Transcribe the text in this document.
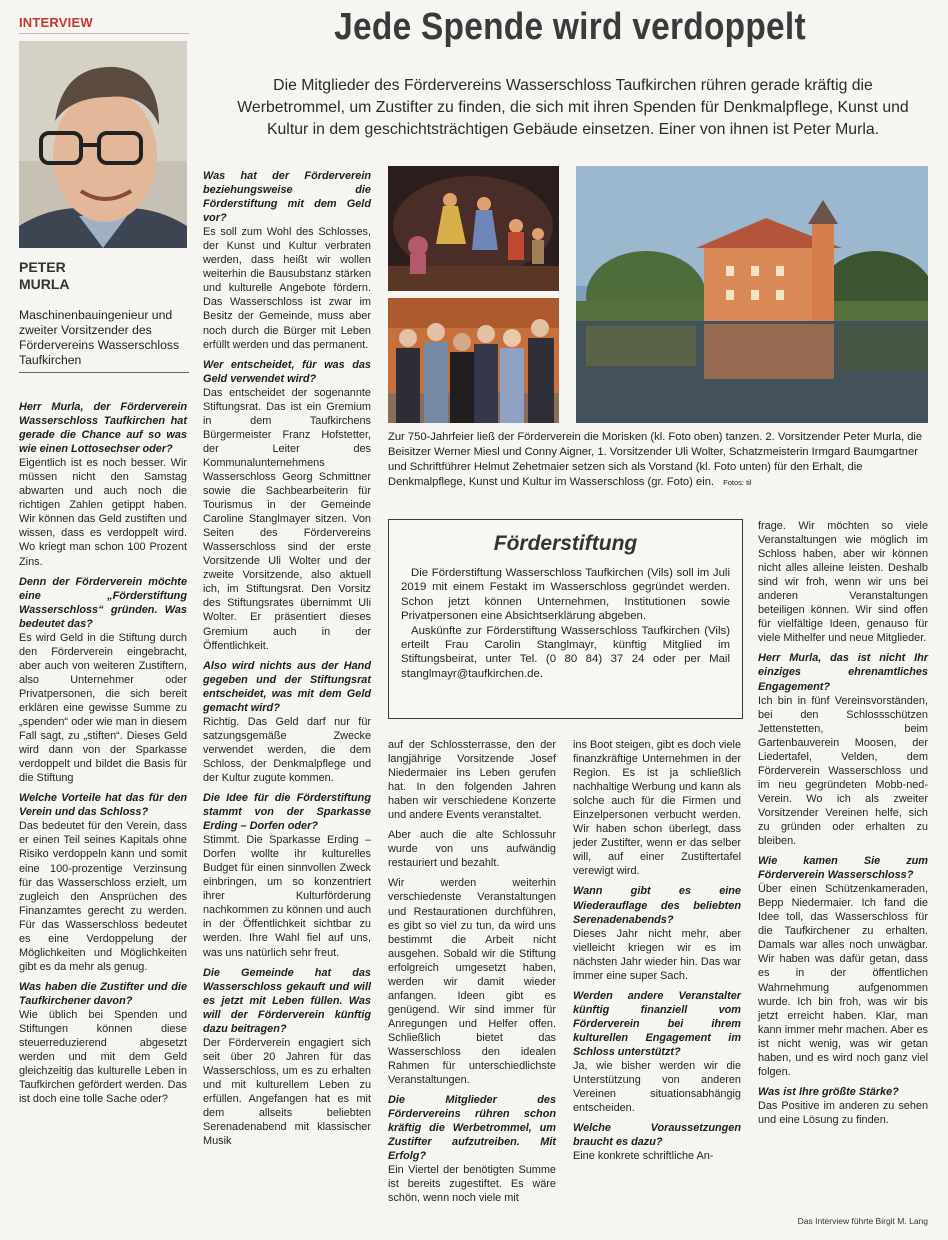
INTERVIEW	Jede Spende wird verdoppelt
Die Mitglieder des Fördervereins Wasserschloss Taufkirchen rühren gerade kräftig die Werbetrommel, um Zustifter zu finden, die sich mit ihren Spenden für Denkmalpflege, Kunst und Kultur in dem geschichtsträchtigen Gebäude einsetzen. Einer von ihnen ist Peter Murla.
PETER
MURLA
Maschinenbauingenieur und zweiter Vorsitzender des Fördervereins Wasserschloss Taufkirchen
Zur 750-Jahrfeier ließ der Förderverein die Morisken (kl. Foto oben) tanzen. 2. Vorsitzender Peter Murla, die Beisitzer Werner Miesl und Conny Aigner, 1. Vorsitzender Uli Wolter, Schatzmeisterin Irmgard Baumgartner und Schriftführer Helmut Zehetmaier setzen sich als Vorstand (kl. Foto unten) für den Erhalt, die Denkmalpflege, Kunst und Kultur im Wasserschloss (gr. Foto) ein. Fotos: til
Förderstiftung

Die Förderstiftung Wasserschloss Taufkirchen (Vils) soll im Juli 2019 mit einem Festakt im Wasserschloss gegründet werden. Schon jetzt können Unternehmen, Institutionen sowie Privatpersonen eine Absichtserklärung abgeben.

Auskünfte zur Förderstiftung Wasserschloss Taufkirchen (Vils) erteilt Frau Carolin Stanglmayr, künftig Mitglied im Stiftungsbeirat, unter Tel. (0 80 84) 37 24 oder per Mail stanglmayr@taufkirchen.de.

Herr Murla, der Förderverein Wasserschloss Taufkirchen hat gerade die Chance auf so was wie einen Lottosechser oder?
Eigentlich ist es noch besser. Wir müssen nicht den Samstag abwarten und auch noch die richtigen Zahlen getippt haben. Wir können das Geld zustiften und wissen, dass es verdoppelt wird. Wo kriegt man schon 100 Prozent Zins.

Denn der Förderverein möchte eine „Förderstiftung Wasserschloss“ gründen. Was bedeutet das?
Es wird Geld in die Stiftung durch den Förderverein eingebracht, aber auch von weiteren Zustiftern, also Unternehmer oder Privatpersonen, die sich bereit erklären eine gewisse Summe zu „spenden“ oder wie man in diesem Fall sagt, zu „stiften“. Dieses Geld wird dann von der Sparkasse verdoppelt und bildet die Basis für die Stiftung

Welche Vorteile hat das für den Verein und das Schloss?
Das bedeutet für den Verein, dass er einen Teil seines Kapitals ohne Risiko verdoppeln kann und somit eine 100-prozentige Verzinsung für das Wasserschloss erzielt, um zugleich den Ansprüchen des Finanzamtes gerecht zu werden. Für das Wasserschloss bedeutet es eine Verdoppelung der Möglichkeiten und Möglichkeiten gibt es da mehr als genug.

Was haben die Zustifter und die Taufkirchener davon?
Wie üblich bei Spenden und Stiftungen können diese steuerreduzierend abgesetzt werden und mit dem Geld gleichzeitig das kulturelle Leben in Taufkirchen gefördert werden. Das ist doch eine tolle Sache oder?

Was hat der Förderverein beziehungsweise die Förderstiftung mit dem Geld vor?
Es soll zum Wohl des Schlosses, der Kunst und Kultur verbraten werden, dass heißt wir wollen weiterhin die Bausubstanz stärken und kulturelle Angebote fördern. Das Wasserschloss ist zwar im Besitz der Gemeinde, muss aber noch durch die Bürger mit Leben erfüllt werden und das permanent.

Wer entscheidet, für was das Geld verwendet wird?
Das entscheidet der sogenannte Stiftungsrat. Das ist ein Gremium in dem Taufkirchens Bürgermeister Franz Hofstetter, der Leiter des Kommunalunternehmens Wasserschloss Georg Schmittner sowie die Sachbearbeiterin für Tourismus in der Gemeinde Caroline Stanglmayer sitzen. Von Seiten des Fördervereins Wasserschloss sind der erste Vorsitzende Uli Wolter und der zweite Vorsitzende, also aktuell ich, im Stiftungsrat. Den Vorsitz des Stiftungsrates übernimmt Uli Wolter. Er präsentiert dieses Gremium auch in der Öffentlichkeit.

Also wird nichts aus der Hand gegeben und der Stiftungsrat entscheidet, was mit dem Geld gemacht wird?
Richtig. Das Geld darf nur für satzungsgemäße Zwecke verwendet werden, die dem Schloss, der Denkmalpflege und der Kultur zugute kommen.

Die Idee für die Förderstiftung stammt von der Sparkasse Erding – Dorfen oder?
Stimmt. Die Sparkasse Erding – Dorfen wollte ihr kulturelles Budget für einen sinnvollen Zweck einbringen, um so konzentriert ihrer Kulturförderung nachkommen zu können und auch in der Öffentlichkeit sichtbar zu werden. Ihre Wahl fiel auf uns, was uns natürlich sehr freut.

Die Gemeinde hat das Wasserschloss gekauft und will es jetzt mit Leben füllen. Was will der Förderverein künftig dazu beitragen?
Der Förderverein engagiert sich seit über 20 Jahren für das Wasserschloss, um es zu erhalten und mit kulturellem Leben zu erfüllen. Angefangen hat es mit dem allseits beliebten Serenadenabend mit klassischer Musik

auf der Schlossterrasse, den der langjährige Vorsitzende Josef Niedermaier ins Leben gerufen hat. In den folgenden Jahren haben wir verschiedene Konzerte und andere Events veranstaltet.

Aber auch die alte Schlossuhr wurde von uns aufwändig restauriert und bezahlt.

Wir werden weiterhin verschiedenste Veranstaltungen und Restaurationen durchführen, es gibt so viel zu tun, da wird uns bestimmt die Arbeit nicht ausgehen. Sobald wir die Stiftung erfolgreich umgesetzt haben, werden wir damit wieder anfangen. Ideen gibt es genügend. Wir sind immer für Anregungen und Helfer offen. Schließlich bietet das Wasserschloss den idealen Rahmen für unterschiedlichste Veranstaltungen.

Die Mitglieder des Fördervereins rühren schon kräftig die Werbetrommel, um Zustifter aufzutreiben. Mit Erfolg?
Ein Viertel der benötigten Summe ist bereits zugestiftet. Es wäre schön, wenn noch viele mit

ins Boot steigen, gibt es doch viele finanzkräftige Unternehmen in der Region. Es ist ja schließlich nachhaltige Werbung und kann als solche auch für die Firmen und Einzelpersonen verbucht werden. Wir haben schon überlegt, dass jeder Zustifter, wenn er das selber will, auf einer Zustiftertafel verewigt wird.

Wann gibt es eine Wiederauflage des beliebten Serenadenabends?
Dieses Jahr nicht mehr, aber vielleicht kriegen wir es im nächsten Jahr wieder hin. Das war immer eine super Sach.

Werden andere Veranstalter künftig finanziell vom Förderverein bei ihrem kulturellen Engagement im Schloss unterstützt?
Ja, wie bisher werden wir die Unterstützung von anderen Vereinen situationsabhängig entscheiden.

Welche Voraussetzungen braucht es dazu?
Eine konkrete schriftliche An-

frage. Wir möchten so viele Veranstaltungen wie möglich im Schloss haben, aber wir können nicht alles alleine leisten. Deshalb sind wir froh, wenn wir uns bei anderen Veranstaltungen beteiligen können. Wir sind offen für vielfältige Ideen, genauso für viele Mithelfer und neue Mitglieder.

Herr Murla, das ist nicht Ihr einziges ehrenamtliches Engagement?
Ich bin in fünf Vereinsvorständen, bei den Schlossschützen Jettenstetten, beim Gartenbauverein Moosen, der Liedertafel, Velden, dem Förderverein Wasserschloss und im neu gegründeten Mobb-ned-Verein. Wo ich als zweiter Vorsitzender Vereinen helfe, sich zu gründen oder erhalten zu bleiben.

Wie kamen Sie zum Förderverein Wasserschloss?
Über einen Schützenkameraden, Bepp Niedermaier. Ich fand die Idee toll, das Wasserschloss für die Taufkirchener zu erhalten. Damals war alles noch unwägbar. Wir haben was dafür getan, dass es in der öffentlichen Wahrnehmung aufgenommen wurde. Ich bin froh, was wir bis jetzt erreicht haben. Klar, man kann immer mehr machen. Aber es ist nicht wenig, was wir getan haben, und es wird noch ganz viel folgen.

Was ist Ihre größte Stärke?
Das Positive im anderen zu sehen und eine Lösung zu finden.

Das Interview führte Birgit M. Lang
